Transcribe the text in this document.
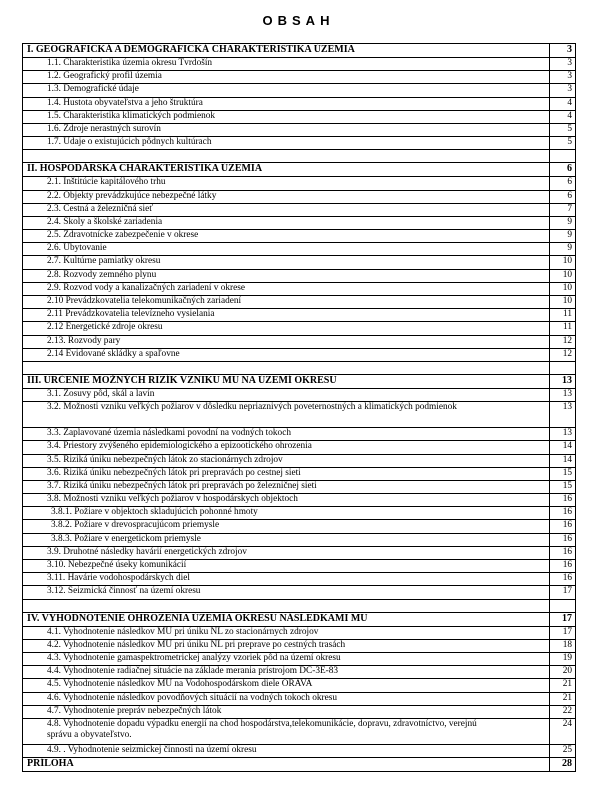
OBSAH
I. GEOGRAFICKÁ A DEMOGRAFICKÁ CHARAKTERISTIKA ÚZEMIA	3

1.1. Charakteristika územia okresu Tvrdošín	3

1.2. Geografický profil územia	3

1.3. Demografické údaje	3

1.4. Hustota obyvateľstva a jeho štruktúra	4

1.5. Charakteristika klimatických podmienok	4

1.6. Zdroje nerastných surovín	5

1.7. Údaje o existujúcich pôdnych kultúrach	5

II. HOSPODÁRSKA CHARAKTERISTIKA ÚZEMIA	6

2.1. Inštitúcie kapitálového trhu	6

2.2. Objekty prevádzkujúce nebezpečné látky	6

2.3. Cestná a železničná sieť	7

2.4. Školy a školské zariadenia	9

2.5. Zdravotnícke zabezpečenie v okrese	9

2.6. Ubytovanie	9

2.7. Kultúrne pamiatky okresu	10

2.8. Rozvody zemného plynu	10

2.9. Rozvod vody a kanalizačných zariadení v okrese	10

2.10 Prevádzkovatelia telekomunikačných zariadení	10

2.11 Prevádzkovatelia televízneho vysielania	11

2.12 Energetické zdroje okresu	11

2.13. Rozvody pary	12

2.14 Evidované skládky a spaľovne	12

III. URČENIE MOŽNÝCH RIZÍK VZNIKU MU NA ÚZEMÍ OKRESU	13

3.1. Zosuvy pôd, skál a lavín	13

3.2. Možnosti vzniku veľkých požiarov v dôsledku nepriaznivých poveternostných a klimatických podmienok	13

3.3. Zaplavované územia následkami povodní na vodných tokoch	13

3.4. Priestory zvýšeného epidemiologického a epizootického ohrozenia	14

3.5. Riziká úniku nebezpečných látok zo stacionárnych zdrojov	14

3.6. Riziká úniku nebezpečných látok pri prepravách po cestnej sieti	15

3.7. Riziká úniku nebezpečných látok pri prepravách po železničnej sieti	15

3.8. Možnosti vzniku veľkých požiarov v hospodárskych objektoch	16

3.8.1. Požiare v objektoch skladujúcich pohonné hmoty	16

3.8.2. Požiare v drevospracujúcom priemysle	16

3.8.3. Požiare v energetickom priemysle	16

3.9. Druhotné následky havárií energetických zdrojov	16

3.10. Nebezpečné úseky komunikácií	16

3.11. Havárie vodohospodárskych diel	16

3.12. Seizmická činnosť na území okresu	17

IV. VYHODNOTENIE OHROZENIA ÚZEMIA OKRESU NÁSLEDKAMI MU	17

4.1. Vyhodnotenie následkov MU pri úniku NL zo stacionárnych zdrojov	17

4.2. Vyhodnotenie následkov MU pri úniku NL pri preprave po cestných trasách	18

4.3. Vyhodnotenie gamaspektrometrickej analýzy vzoriek pôd na území okresu	19

4.4. Vyhodnotenie radiačnej situácie na základe merania prístrojom DC-3E-83	20

4.5. Vyhodnotenie následkov MU na Vodohospodárskom diele ORAVA	21

4.6. Vyhodnotenie následkov povodňových situácií na vodných tokoch okresu	21

4.7. Vyhodnotenie prepráv nebezpečných látok	22

4.8. Vyhodnotenie dopadu výpadku energií na chod hospodárstva,telekomunikácie, dopravu, zdravotníctvo, verejnú správu a obyvateľstvo.	24

4.9. . Vyhodnotenie seizmickej činnosti na území okresu	25
PRÍLOHA	28
